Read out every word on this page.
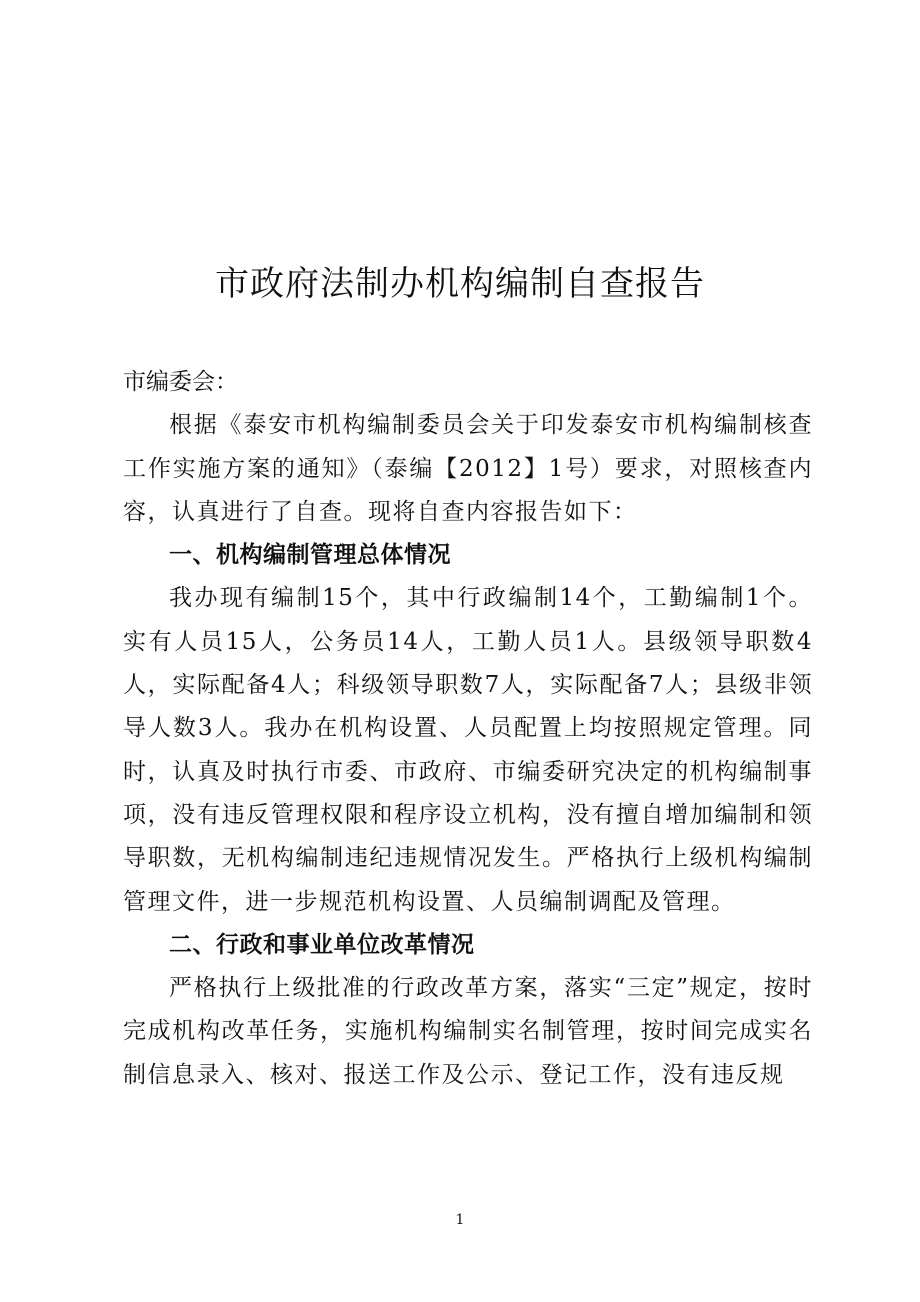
市政府法制办机构编制自查报告

市编委会：

根据《泰安市机构编制委员会关于印发泰安市机构编制核查工作实施方案的通知》（泰编【2012】1号）要求，对照核查内容，认真进行了自查。现将自查内容报告如下：

一、机构编制管理总体情况

我办现有编制15个，其中行政编制14个，工勤编制1个。实有人员15人，公务员14人，工勤人员1人。县级领导职数4人，实际配备4人；科级领导职数7人，实际配备7人；县级非领导人数3人。我办在机构设置、人员配置上均按照规定管理。同时，认真及时执行市委、市政府、市编委研究决定的机构编制事项，没有违反管理权限和程序设立机构，没有擅自增加编制和领导职数，无机构编制违纪违规情况发生。严格执行上级机构编制管理文件，进一步规范机构设置、人员编制调配及管理。

二、行政和事业单位改革情况

严格执行上级批准的行政改革方案，落实“三定”规定，按时完成机构改革任务，实施机构编制实名制管理，按时间完成实名制信息录入、核对、报送工作及公示、登记工作，没有违反规

1
